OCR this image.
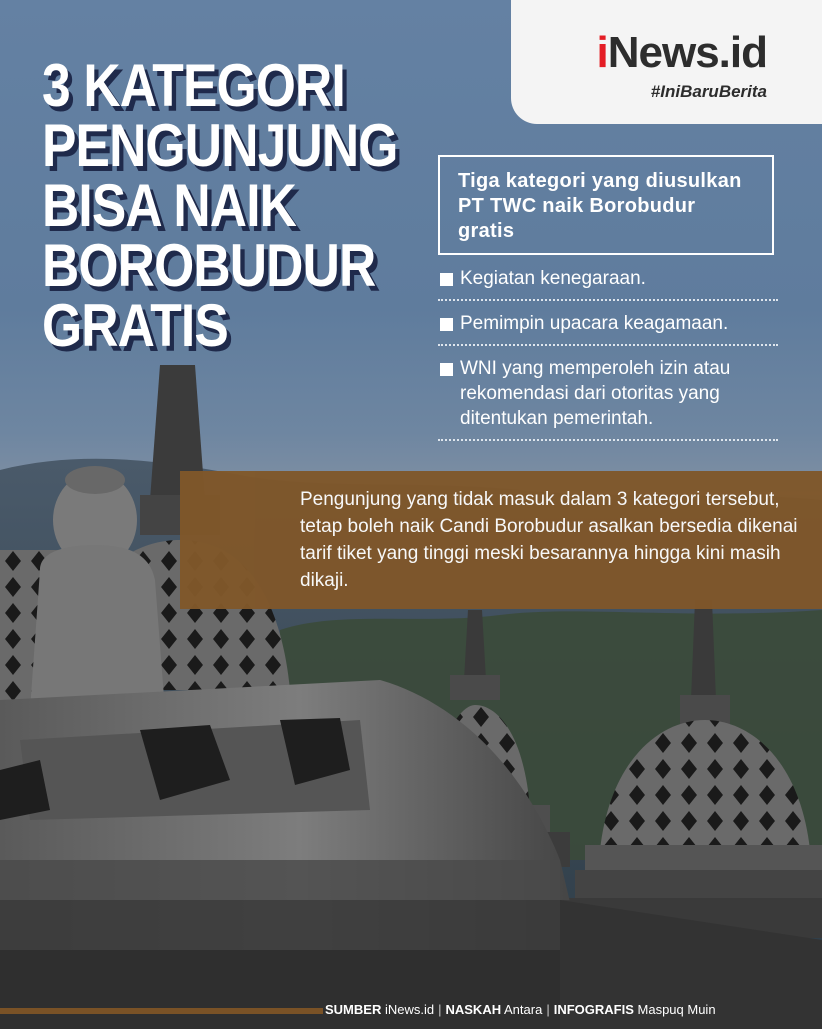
iNews.id
#IniBaruBerita
3 KATEGORI
PENGUNJUNG
BISA NAIK
BOROBUDUR
GRATIS

Tiga kategori yang diusulkan PT TWC naik Borobudur gratis

Kegiatan kenegaraan.
Pemimpin upacara keagamaan.
WNI yang memperoleh izin atau rekomendasi dari otoritas yang ditentukan pemerintah.

Pengunjung yang tidak masuk dalam 3 kategori tersebut, tetap boleh naik Candi Borobudur asalkan bersedia dikenai tarif tiket yang tinggi meski besarannya hingga kini masih dikaji.

SUMBER iNews.id | NASKAH Antara | INFOGRAFIS Maspuq Muin
